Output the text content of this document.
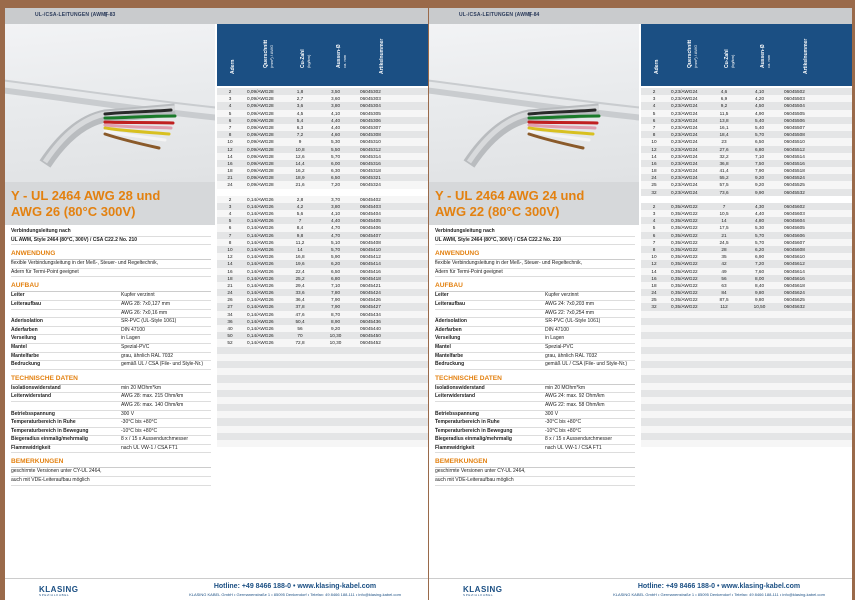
UL-/CSA-LEITUNGEN (AWM)
F-83
Y - UL 2464 AWG 28 und
AWG 26 (80°C 300V)
Verbindungsleitung nach
UL AWM, Style 2464 (80°C, 300V) / CSA C22.2 No. 210
ANWENDUNG
flexible Verbindungsleitung in der Meß-, Steuer- und Regeltechnik,
Adern für Termi-Point geeignet
AUFBAU
Leiter	Kupfer verzinnt
Leiteraufbau	AWG 28: 7x0,127 mm
AWG 26: 7x0,16 mm
Aderisolation	SR-PVC (UL-Style 1061)
Aderfarben	DIN 47100
Verseilung	in Lagen
Mantel	Spezial-PVC
Mantelfarbe	grau, ähnlich RAL 7032
Bedruckung	gemäß UL / CSA (File- und Style-Nr.)
TECHNISCHE DATEN
Isolationswiderstand	min 20 MOhm*km
Leiterwiderstand	AWG 28: max. 215 Ohm/km
AWG 26: max. 140 Ohm/km
Betriebsspannung	300 V
Temperaturbereich in Ruhe	-30°C bis +80°C
Temperaturbereich in Bewegung	-10°C bis +80°C
Biegeradius einmalig/mehrmalig	8 x / 15 x Aussendurchmesser
Flammwidrigkeit	nach UL VW-1 / CSA FT1
BEMERKUNGEN
geschirmte Versionen unter CY-UL 2464,
auch mit VDE-Leiteraufbau möglich
Adern	Querschnitt
(mm²) / AWG	Cu-Zahl
(kg/km)	Aussen-Ø
ca. mm	Artikelnummer
2	0,09/AWG28	1,8	3,50	06045302
3	0,09/AWG28	2,7	3,60	06045303
4	0,09/AWG28	3,6	3,80	06045304
5	0,09/AWG28	4,5	4,10	06045305
6	0,09/AWG28	5,4	4,40	06045306
7	0,09/AWG28	6,3	4,40	06045307
8	0,09/AWG28	7,2	4,60	06045308
10	0,09/AWG28	9	5,30	06045310
12	0,09/AWG28	10,8	5,50	06045312
14	0,09/AWG28	12,6	5,70	06045314
16	0,09/AWG28	14,4	6,00	06045316
18	0,09/AWG28	16,2	6,30	06045318
21	0,09/AWG28	18,9	6,50	06045321
24	0,09/AWG28	21,6	7,20	06045324
2	0,14/AWG26	2,8	3,70	06045402
3	0,14/AWG26	4,2	3,80	06045403
4	0,14/AWG26	5,6	4,10	06045404
5	0,14/AWG26	7	4,40	06045405
6	0,14/AWG26	8,4	4,70	06045406
7	0,14/AWG26	9,8	4,70	06045407
8	0,14/AWG26	11,2	5,10	06045408
10	0,14/AWG26	14	5,70	06045410
12	0,14/AWG26	16,8	5,90	06045412
14	0,14/AWG26	19,6	6,20	06045414
16	0,14/AWG26	22,4	6,50	06045416
18	0,14/AWG26	25,2	6,80	06045418
21	0,14/AWG26	29,4	7,10	06045421
24	0,14/AWG26	33,6	7,80	06045424
26	0,14/AWG26	36,4	7,90	06045426
27	0,14/AWG26	37,8	7,90	06045427
34	0,14/AWG26	47,6	8,70	06045434
36	0,14/AWG26	50,4	8,90	06045436
40	0,14/AWG26	56	9,20	06045440
50	0,14/AWG26	70	10,30	06045450
52	0,14/AWG26	72,8	10,30	06045452
KLASING
SPEZIALKABEL
Hotline: +49 8466 188-0 • www.klasing-kabel.com
KLASING KABEL GmbH • Germanenstraße 1 • 85095 Denkendorf • Telefax: 49 8466 188-111 • info@klasing-kabel.com
UL-/CSA-LEITUNGEN (AWM)
F-84
Y - UL 2464 AWG 24 und
AWG 22 (80°C 300V)
Verbindungsleitung nach
UL AWM, Style 2464 (80°C, 300V) / CSA C22.2 No. 210
ANWENDUNG
flexible Verbindungsleitung in der Meß-, Steuer- und Regeltechnik,
Adern für Termi-Point geeignet
AUFBAU
Leiter	Kupfer verzinnt
Leiteraufbau	AWG 24: 7x0,203 mm
AWG 22: 7x0,254 mm
Aderisolation	SR-PVC (UL-Style 1061)
Aderfarben	DIN 47100
Verseilung	in Lagen
Mantel	Spezial-PVC
Mantelfarbe	grau, ähnlich RAL 7032
Bedruckung	gemäß UL / CSA (File- und Style-Nr.)
TECHNISCHE DATEN
Isolationswiderstand	min 20 MOhm*km
Leiterwiderstand	AWG 24: max. 92 Ohm/km
AWG 22: max. 58 Ohm/km
Betriebsspannung	300 V
Temperaturbereich in Ruhe	-30°C bis +80°C
Temperaturbereich in Bewegung	-10°C bis +80°C
Biegeradius einmalig/mehrmalig	8 x / 15 x Aussendurchmesser
Flammwidrigkeit	nach UL VW-1 / CSA FT1
BEMERKUNGEN
geschirmte Versionen unter CY-UL 2464,
auch mit VDE-Leiteraufbau möglich
Adern	Querschnitt
(mm²) / AWG	Cu-Zahl
(kg/km)	Aussen-Ø
ca. mm	Artikelnummer
2	0,23/AWG24	4,6	4,10	06045502
3	0,23/AWG24	6,9	4,20	06045503
4	0,23/AWG24	9,2	4,50	06045504
5	0,23/AWG24	11,5	4,90	06045505
6	0,23/AWG24	13,8	5,40	06045506
7	0,23/AWG24	16,1	5,40	06045507
8	0,23/AWG24	18,4	5,70	06045508
10	0,23/AWG24	23	6,50	06045510
12	0,23/AWG24	27,6	6,80	06045512
14	0,23/AWG24	32,2	7,10	06045514
16	0,23/AWG24	36,8	7,50	06045516
18	0,23/AWG24	41,4	7,90	06045518
24	0,23/AWG24	55,2	9,20	06045524
25	0,23/AWG24	57,5	9,20	06045525
32	0,23/AWG24	73,6	9,90	06045532
2	0,35/AWG22	7	4,30	06045602
3	0,35/AWG22	10,5	4,40	06045603
4	0,35/AWG22	14	4,80	06045604
5	0,35/AWG22	17,5	5,30	06045605
6	0,35/AWG22	21	5,70	06045606
7	0,35/AWG22	24,5	5,70	06045607
8	0,35/AWG22	28	6,20	06045608
10	0,35/AWG22	35	6,90	06045610
12	0,35/AWG22	42	7,20	06045612
14	0,35/AWG22	49	7,60	06045614
16	0,35/AWG22	56	8,00	06045616
18	0,35/AWG22	63	8,40	06045618
24	0,35/AWG22	84	9,80	06045624
25	0,35/AWG22	87,5	9,80	06045625
32	0,35/AWG22	112	10,50	06045632
KLASING
SPEZIALKABEL
Hotline: +49 8466 188-0 • www.klasing-kabel.com
KLASING KABEL GmbH • Germanenstraße 1 • 85095 Denkendorf • Telefax: 49 8466 188-111 • info@klasing-kabel.com
